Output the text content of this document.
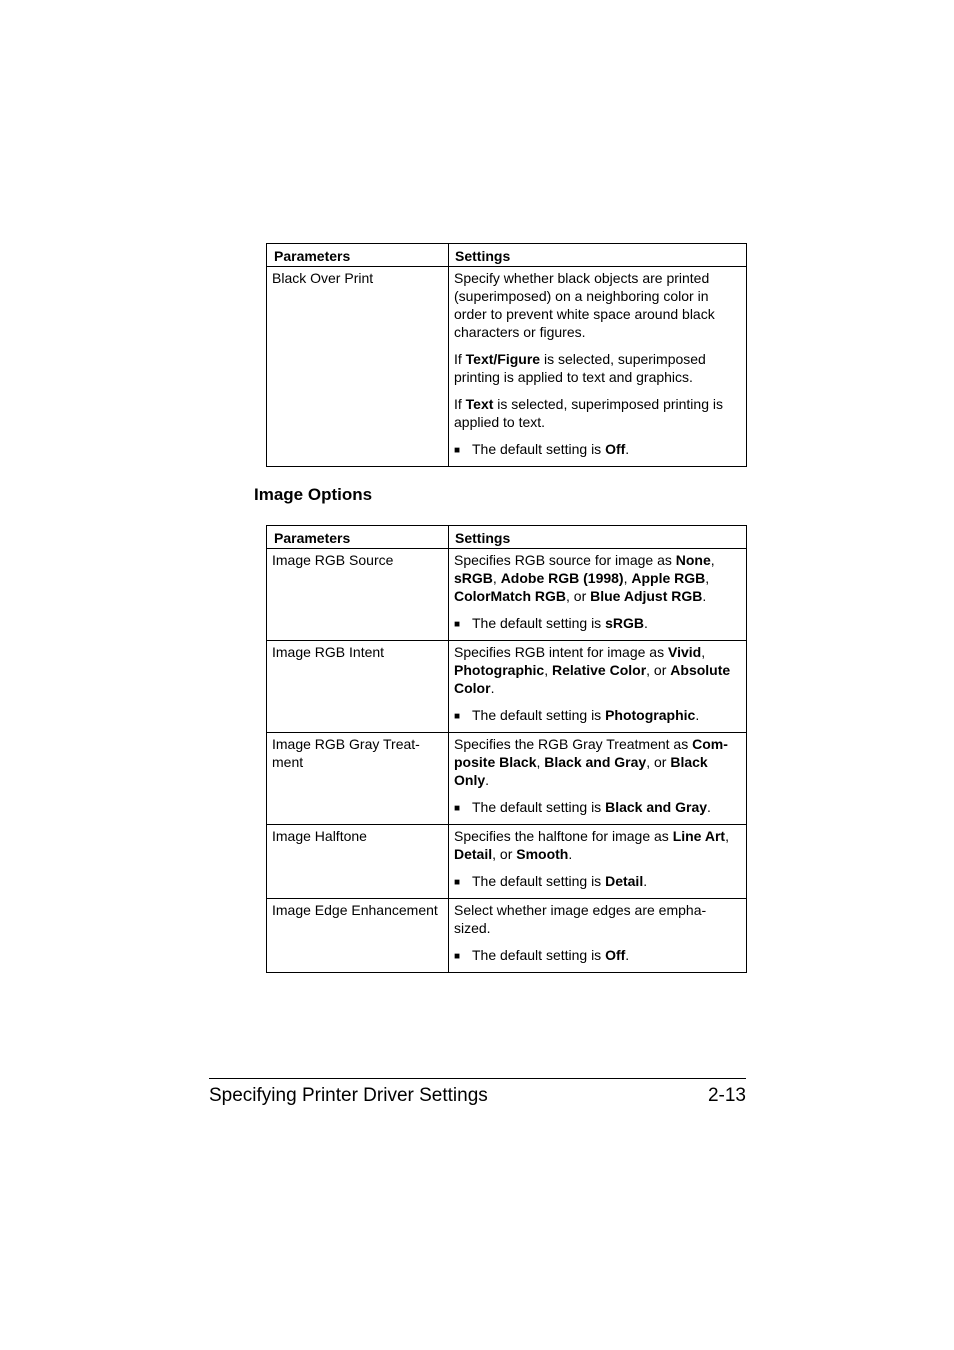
Parameters	Settings
Black Over Print	Specify whether black objects are printed (superimposed) on a neighboring color in order to prevent white space around black characters or figures.

If Text/Figure is selected, superimposed printing is applied to text and graphics.

If Text is selected, superimposed printing is applied to text.

■ The default setting is Off.

Image Options
Parameters	Settings
Image RGB Source	Specifies RGB source for image as None, sRGB, Adobe RGB (1998), Apple RGB, ColorMatch RGB, or Blue Adjust RGB.

■ The default setting is sRGB.

Image RGB Intent	Specifies RGB intent for image as Vivid, Photographic, Relative Color, or Absolute Color.

■ The default setting is Photographic.

Image RGB Gray Treat-ment	Specifies the RGB Gray Treatment as Com-posite Black, Black and Gray, or Black Only.

■ The default setting is Black and Gray.

Image Halftone	Specifies the halftone for image as Line Art, Detail, or Smooth.

■ The default setting is Detail.

Image Edge Enhancement	Select whether image edges are empha-sized.

■ The default setting is Off.

Specifying Printer Driver Settings	2-13
